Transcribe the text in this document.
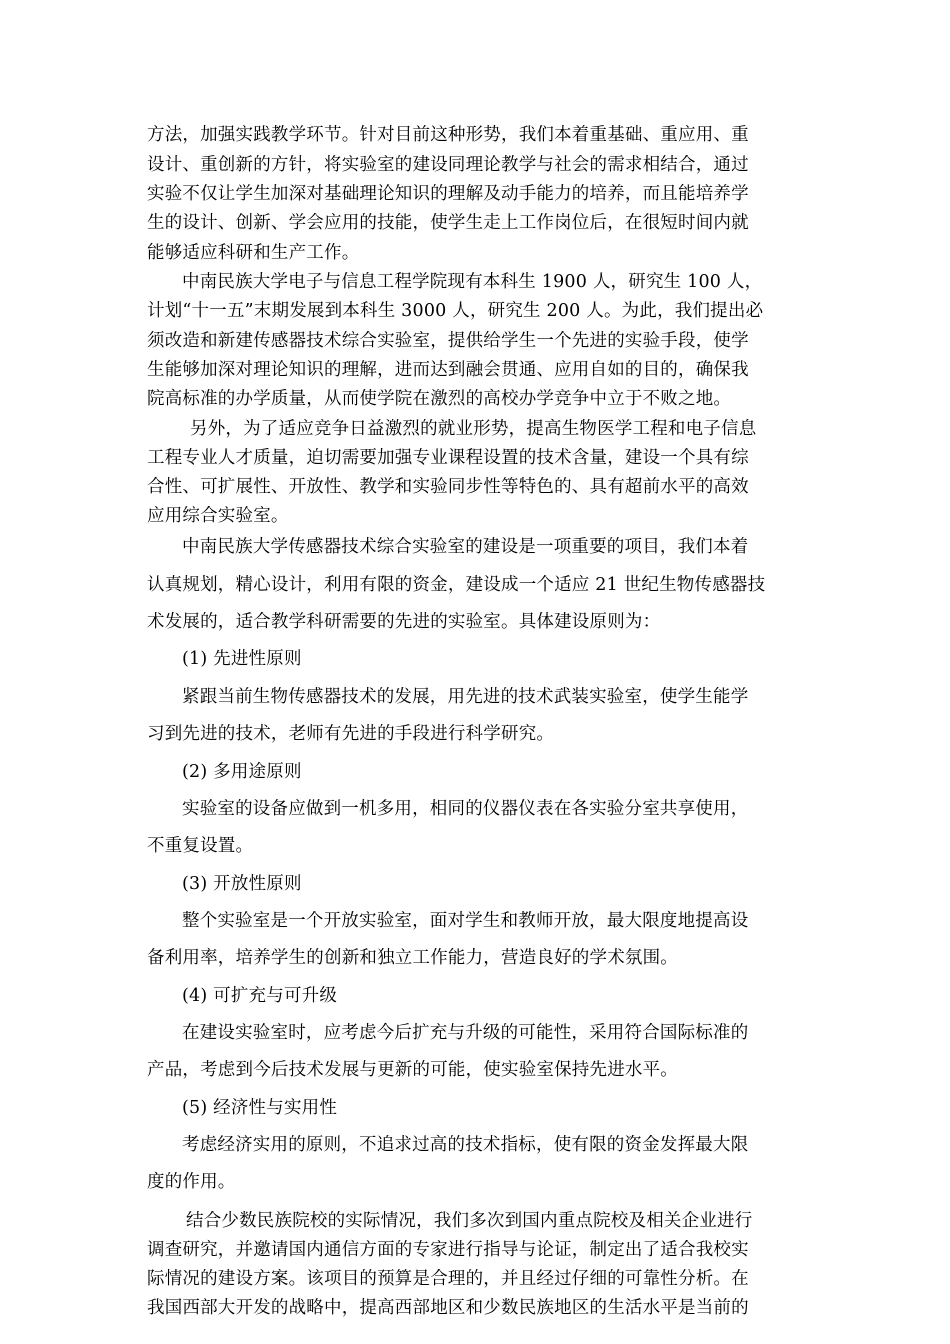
方法，加强实践教学环节。针对目前这种形势，我们本着重基础、重应用、重
设计、重创新的方针，将实验室的建设同理论教学与社会的需求相结合，通过
实验不仅让学生加深对基础理论知识的理解及动手能力的培养，而且能培养学
生的设计、创新、学会应用的技能，使学生走上工作岗位后，在很短时间内就
能够适应科研和生产工作。
中南民族大学电子与信息工程学院现有本科生 1900 人，研究生 100 人，
计划“十一五”末期发展到本科生 3000 人，研究生 200 人。为此，我们提出必
须改造和新建传感器技术综合实验室，提供给学生一个先进的实验手段，使学
生能够加深对理论知识的理解，进而达到融会贯通、应用自如的目的，确保我
院高标准的办学质量，从而使学院在激烈的高校办学竞争中立于不败之地。
另外，为了适应竞争日益激烈的就业形势，提高生物医学工程和电子信息
工程专业人才质量，迫切需要加强专业课程设置的技术含量，建设一个具有综
合性、可扩展性、开放性、教学和实验同步性等特色的、具有超前水平的高效
应用综合实验室。
中南民族大学传感器技术综合实验室的建设是一项重要的项目，我们本着
认真规划，精心设计，利用有限的资金，建设成一个适应 21 世纪生物传感器技
术发展的，适合教学科研需要的先进的实验室。具体建设原则为：
(1) 先进性原则
紧跟当前生物传感器技术的发展，用先进的技术武装实验室，使学生能学
习到先进的技术，老师有先进的手段进行科学研究。
(2) 多用途原则
实验室的设备应做到一机多用，相同的仪器仪表在各实验分室共享使用，
不重复设置。
(3) 开放性原则
整个实验室是一个开放实验室，面对学生和教师开放，最大限度地提高设
备利用率，培养学生的创新和独立工作能力，营造良好的学术氛围。
(4) 可扩充与可升级
在建设实验室时，应考虑今后扩充与升级的可能性，采用符合国际标准的
产品，考虑到今后技术发展与更新的可能，使实验室保持先进水平。
(5) 经济性与实用性
考虑经济实用的原则，不追求过高的技术指标，使有限的资金发挥最大限
度的作用。
结合少数民族院校的实际情况，我们多次到国内重点院校及相关企业进行
调查研究，并邀请国内通信方面的专家进行指导与论证，制定出了适合我校实
际情况的建设方案。该项目的预算是合理的，并且经过仔细的可靠性分析。在
我国西部大开发的战略中，提高西部地区和少数民族地区的生活水平是当前的
